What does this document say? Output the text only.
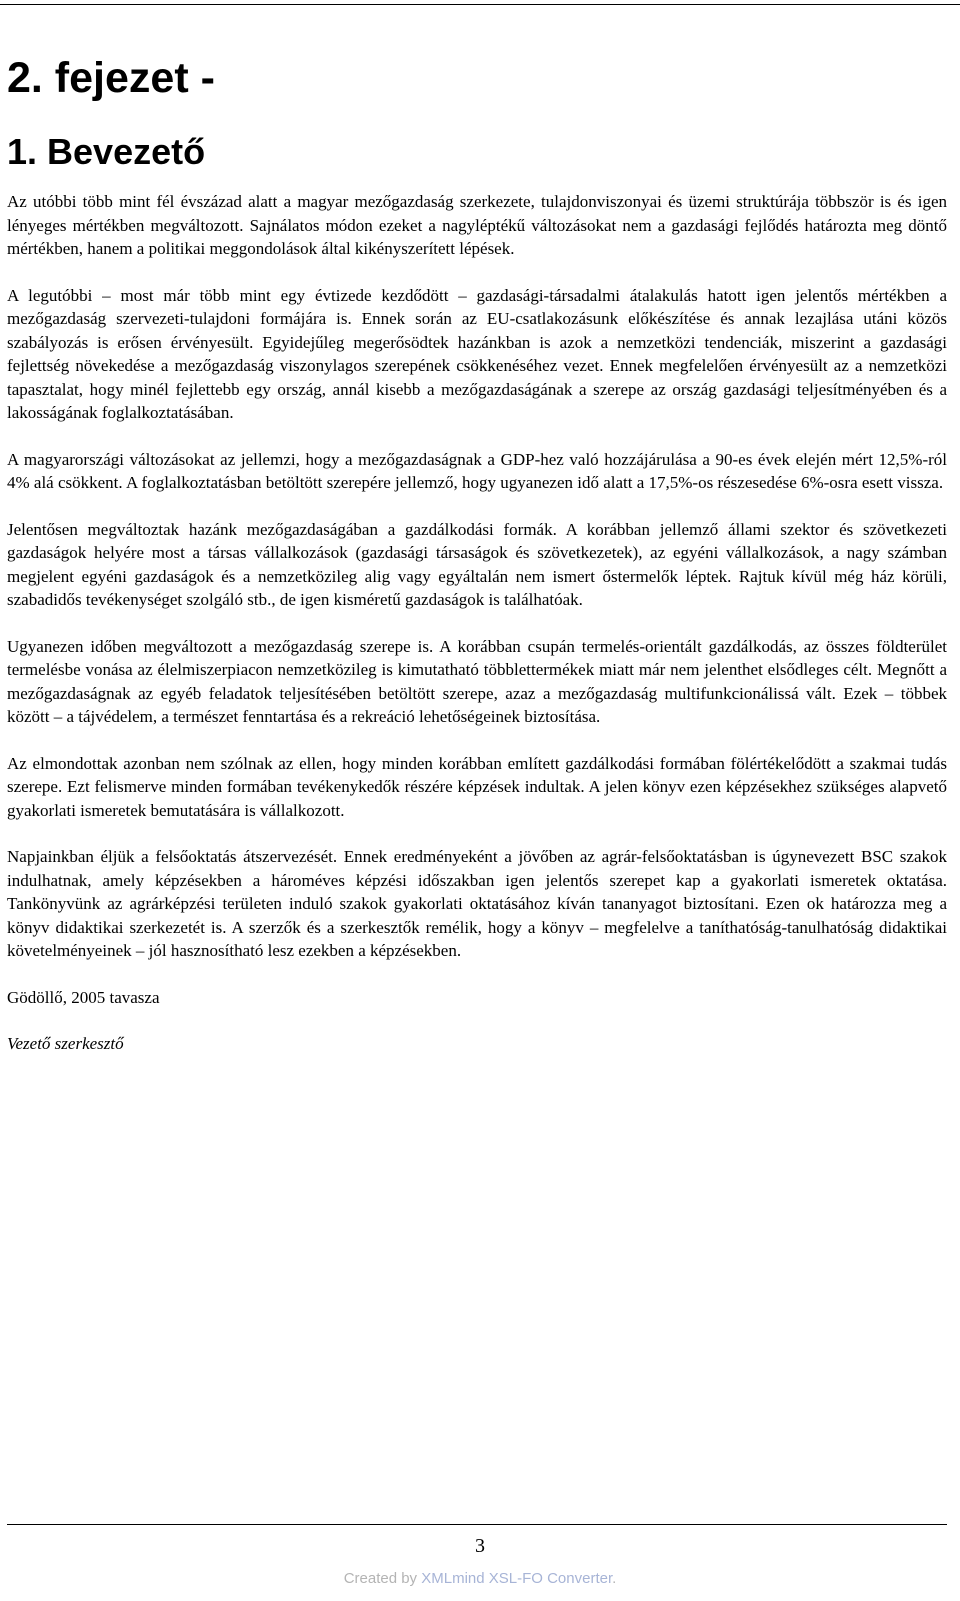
2. fejezet -
1. Bevezető

Az utóbbi több mint fél évszázad alatt a magyar mezőgazdaság szerkezete, tulajdonviszonyai és üzemi struktúrája többször is és igen lényeges mértékben megváltozott. Sajnálatos módon ezeket a nagyléptékű változásokat nem a gazdasági fejlődés határozta meg döntő mértékben, hanem a politikai meggondolások által kikényszerített lépések.

A legutóbbi – most már több mint egy évtizede kezdődött – gazdasági-társadalmi átalakulás hatott igen jelentős mértékben a mezőgazdaság szervezeti-tulajdoni formájára is. Ennek során az EU-csatlakozásunk előkészítése és annak lezajlása utáni közös szabályozás is erősen érvényesült. Egyidejűleg megerősödtek hazánkban is azok a nemzetközi tendenciák, miszerint a gazdasági fejlettség növekedése a mezőgazdaság viszonylagos szerepének csökkenéséhez vezet. Ennek megfelelően érvényesült az a nemzetközi tapasztalat, hogy minél fejlettebb egy ország, annál kisebb a mezőgazdaságának a szerepe az ország gazdasági teljesítményében és a lakosságának foglalkoztatásában.

A magyarországi változásokat az jellemzi, hogy a mezőgazdaságnak a GDP-hez való hozzájárulása a 90-es évek elején mért 12,5%-ról 4% alá csökkent. A foglalkoztatásban betöltött szerepére jellemző, hogy ugyanezen idő alatt a 17,5%-os részesedése 6%-osra esett vissza.

Jelentősen megváltoztak hazánk mezőgazdaságában a gazdálkodási formák. A korábban jellemző állami szektor és szövetkezeti gazdaságok helyére most a társas vállalkozások (gazdasági társaságok és szövetkezetek), az egyéni vállalkozások, a nagy számban megjelent egyéni gazdaságok és a nemzetközileg alig vagy egyáltalán nem ismert őstermelők léptek. Rajtuk kívül még ház körüli, szabadidős tevékenységet szolgáló stb., de igen kisméretű gazdaságok is találhatóak.

Ugyanezen időben megváltozott a mezőgazdaság szerepe is. A korábban csupán termelés-orientált gazdálkodás, az összes földterület termelésbe vonása az élelmiszerpiacon nemzetközileg is kimutatható többlettermékek miatt már nem jelenthet elsődleges célt. Megnőtt a mezőgazdaságnak az egyéb feladatok teljesítésében betöltött szerepe, azaz a mezőgazdaság multifunkcionálissá vált. Ezek – többek között – a tájvédelem, a természet fenntartása és a rekreáció lehetőségeinek biztosítása.

Az elmondottak azonban nem szólnak az ellen, hogy minden korábban említett gazdálkodási formában fölértékelődött a szakmai tudás szerepe. Ezt felismerve minden formában tevékenykedők részére képzések indultak. A jelen könyv ezen képzésekhez szükséges alapvető gyakorlati ismeretek bemutatására is vállalkozott.

Napjainkban éljük a felsőoktatás átszervezését. Ennek eredményeként a jövőben az agrár-felsőoktatásban is úgynevezett BSC szakok indulhatnak, amely képzésekben a hároméves képzési időszakban igen jelentős szerepet kap a gyakorlati ismeretek oktatása. Tankönyvünk az agrárképzési területen induló szakok gyakorlati oktatásához kíván tananyagot biztosítani. Ezen ok határozza meg a könyv didaktikai szerkezetét is. A szerzők és a szerkesztők remélik, hogy a könyv – megfelelve a taníthatóság-tanulhatóság didaktikai követelményeinek – jól hasznosítható lesz ezekben a képzésekben.

Gödöllő, 2005 tavasza

Vezető szerkesztő

3
Created by XMLmind XSL-FO Converter.
